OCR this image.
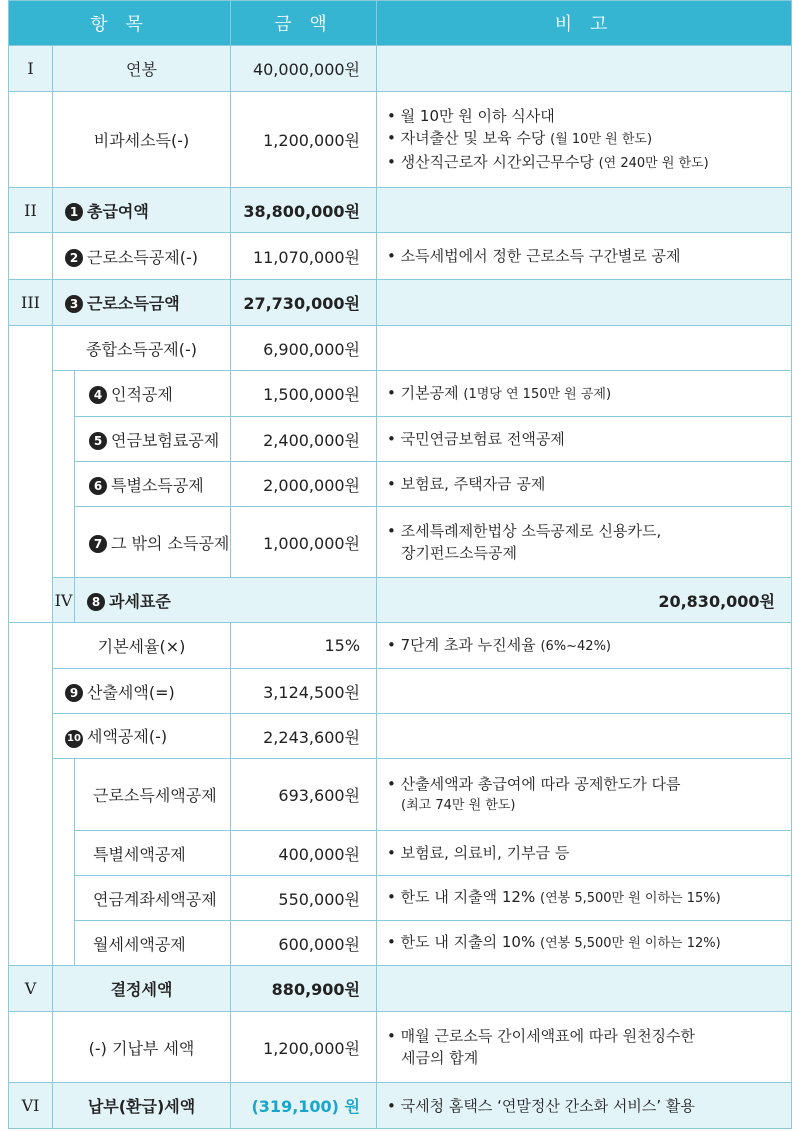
항 목			금 액	비 고	
I	연봉		40,000,000원		
	비과세소득(-)		1,200,000원	• 월 10만 원 이하 식사대
• 자녀출산 및 보육 수당 (월 10만 원 한도)
• 생산직근로자 시간외근무수당 (연 240만 원 한도)

II	1 총급여액		38,800,000원		
	2 근로소득공제(-)		11,070,000원	• 소득세법에서 정한 근로소득 구간별로 공제

III	3 근로소득금액		27,730,000원		
	종합소득공제(-)		6,900,000원		
		4 인적공제	1,500,000원	• 기본공제 (1명당 연 150만 원 공제)

		5 연금보험료공제	2,400,000원	• 국민연금보험료 전액공제

		6 특별소득공제	2,000,000원	• 보험료, 주택자금 공제

		7 그 밖의 소득공제	1,000,000원	• 조세특례제한법상 소득공제로 신용카드,
장기펀드소득공제

	IV	8 과세표준		20,830,000원	
	기본세율(×)		15%	• 7단계 초과 누진세율 (6%~42%)

	9 산출세액(=)		3,124,500원		
	10 세액공제(-)		2,243,600원		
		근로소득세액공제	693,600원	• 산출세액과 총급여에 따라 공제한도가 다름
(최고 74만 원 한도)

		특별세액공제	400,000원	• 보험료, 의료비, 기부금 등

		연금계좌세액공제	550,000원	• 한도 내 지출액 12% (연봉 5,500만 원 이하는 15%)

		월세세액공제	600,000원	• 한도 내 지출의 10% (연봉 5,500만 원 이하는 12%)

V	결정세액		880,900원		
	(-) 기납부 세액		1,200,000원	• 매월 근로소득 간이세액표에 따라 원천징수한
세금의 합계

VI	납부(환급)세액		(319,100) 원	• 국세청 홈택스 ‘연말정산 간소화 서비스’ 활용
